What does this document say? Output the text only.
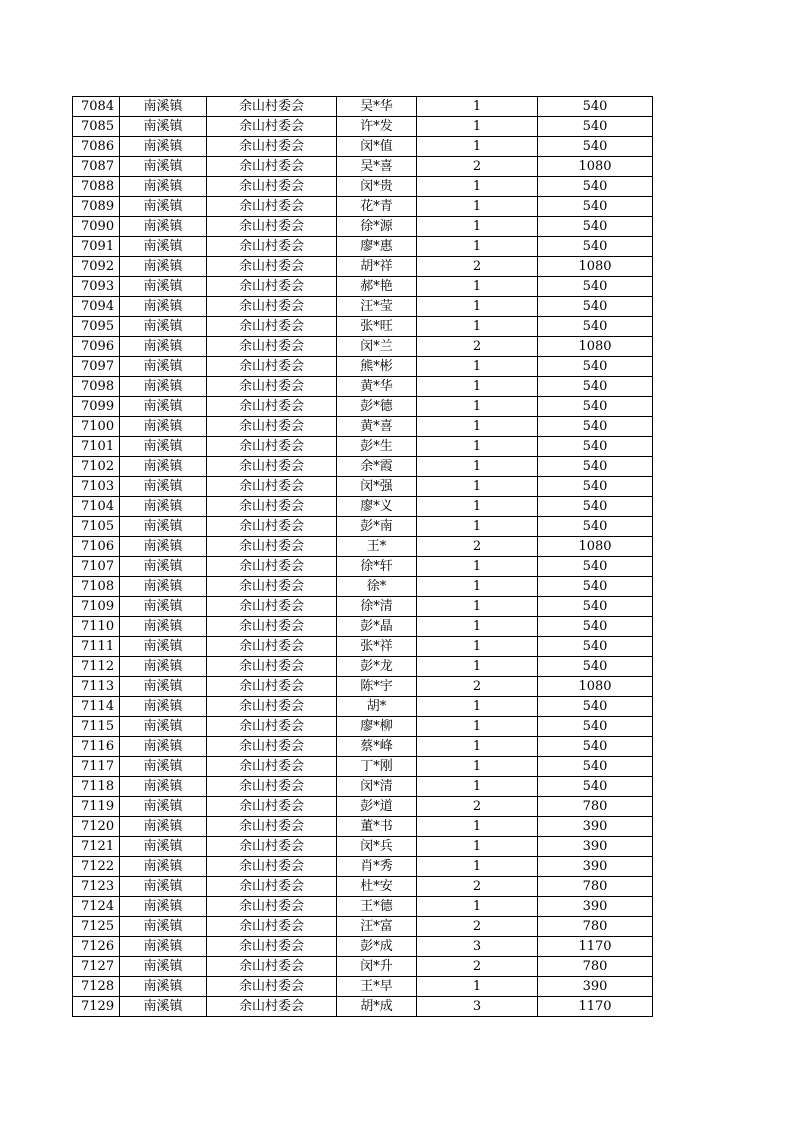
7084	南溪镇	余山村委会	吴*华	1	540
7085	南溪镇	余山村委会	许*发	1	540
7086	南溪镇	余山村委会	闵*值	1	540
7087	南溪镇	余山村委会	吴*喜	2	1080
7088	南溪镇	余山村委会	闵*贵	1	540
7089	南溪镇	余山村委会	花*青	1	540
7090	南溪镇	余山村委会	徐*源	1	540
7091	南溪镇	余山村委会	廖*惠	1	540
7092	南溪镇	余山村委会	胡*祥	2	1080
7093	南溪镇	余山村委会	郝*艳	1	540
7094	南溪镇	余山村委会	汪*莹	1	540
7095	南溪镇	余山村委会	张*旺	1	540
7096	南溪镇	余山村委会	闵*兰	2	1080
7097	南溪镇	余山村委会	熊*彬	1	540
7098	南溪镇	余山村委会	黄*华	1	540
7099	南溪镇	余山村委会	彭*德	1	540
7100	南溪镇	余山村委会	黄*喜	1	540
7101	南溪镇	余山村委会	彭*生	1	540
7102	南溪镇	余山村委会	余*霞	1	540
7103	南溪镇	余山村委会	闵*强	1	540
7104	南溪镇	余山村委会	廖*义	1	540
7105	南溪镇	余山村委会	彭*南	1	540
7106	南溪镇	余山村委会	王*	2	1080
7107	南溪镇	余山村委会	徐*轩	1	540
7108	南溪镇	余山村委会	徐*	1	540
7109	南溪镇	余山村委会	徐*清	1	540
7110	南溪镇	余山村委会	彭*晶	1	540
7111	南溪镇	余山村委会	张*祥	1	540
7112	南溪镇	余山村委会	彭*龙	1	540
7113	南溪镇	余山村委会	陈*宇	2	1080
7114	南溪镇	余山村委会	胡*	1	540
7115	南溪镇	余山村委会	廖*柳	1	540
7116	南溪镇	余山村委会	蔡*峰	1	540
7117	南溪镇	余山村委会	丁*刚	1	540
7118	南溪镇	余山村委会	闵*清	1	540
7119	南溪镇	余山村委会	彭*道	2	780
7120	南溪镇	余山村委会	董*书	1	390
7121	南溪镇	余山村委会	闵*兵	1	390
7122	南溪镇	余山村委会	肖*秀	1	390
7123	南溪镇	余山村委会	杜*安	2	780
7124	南溪镇	余山村委会	王*德	1	390
7125	南溪镇	余山村委会	汪*富	2	780
7126	南溪镇	余山村委会	彭*成	3	1170
7127	南溪镇	余山村委会	闵*升	2	780
7128	南溪镇	余山村委会	王*早	1	390
7129	南溪镇	余山村委会	胡*成	3	1170
